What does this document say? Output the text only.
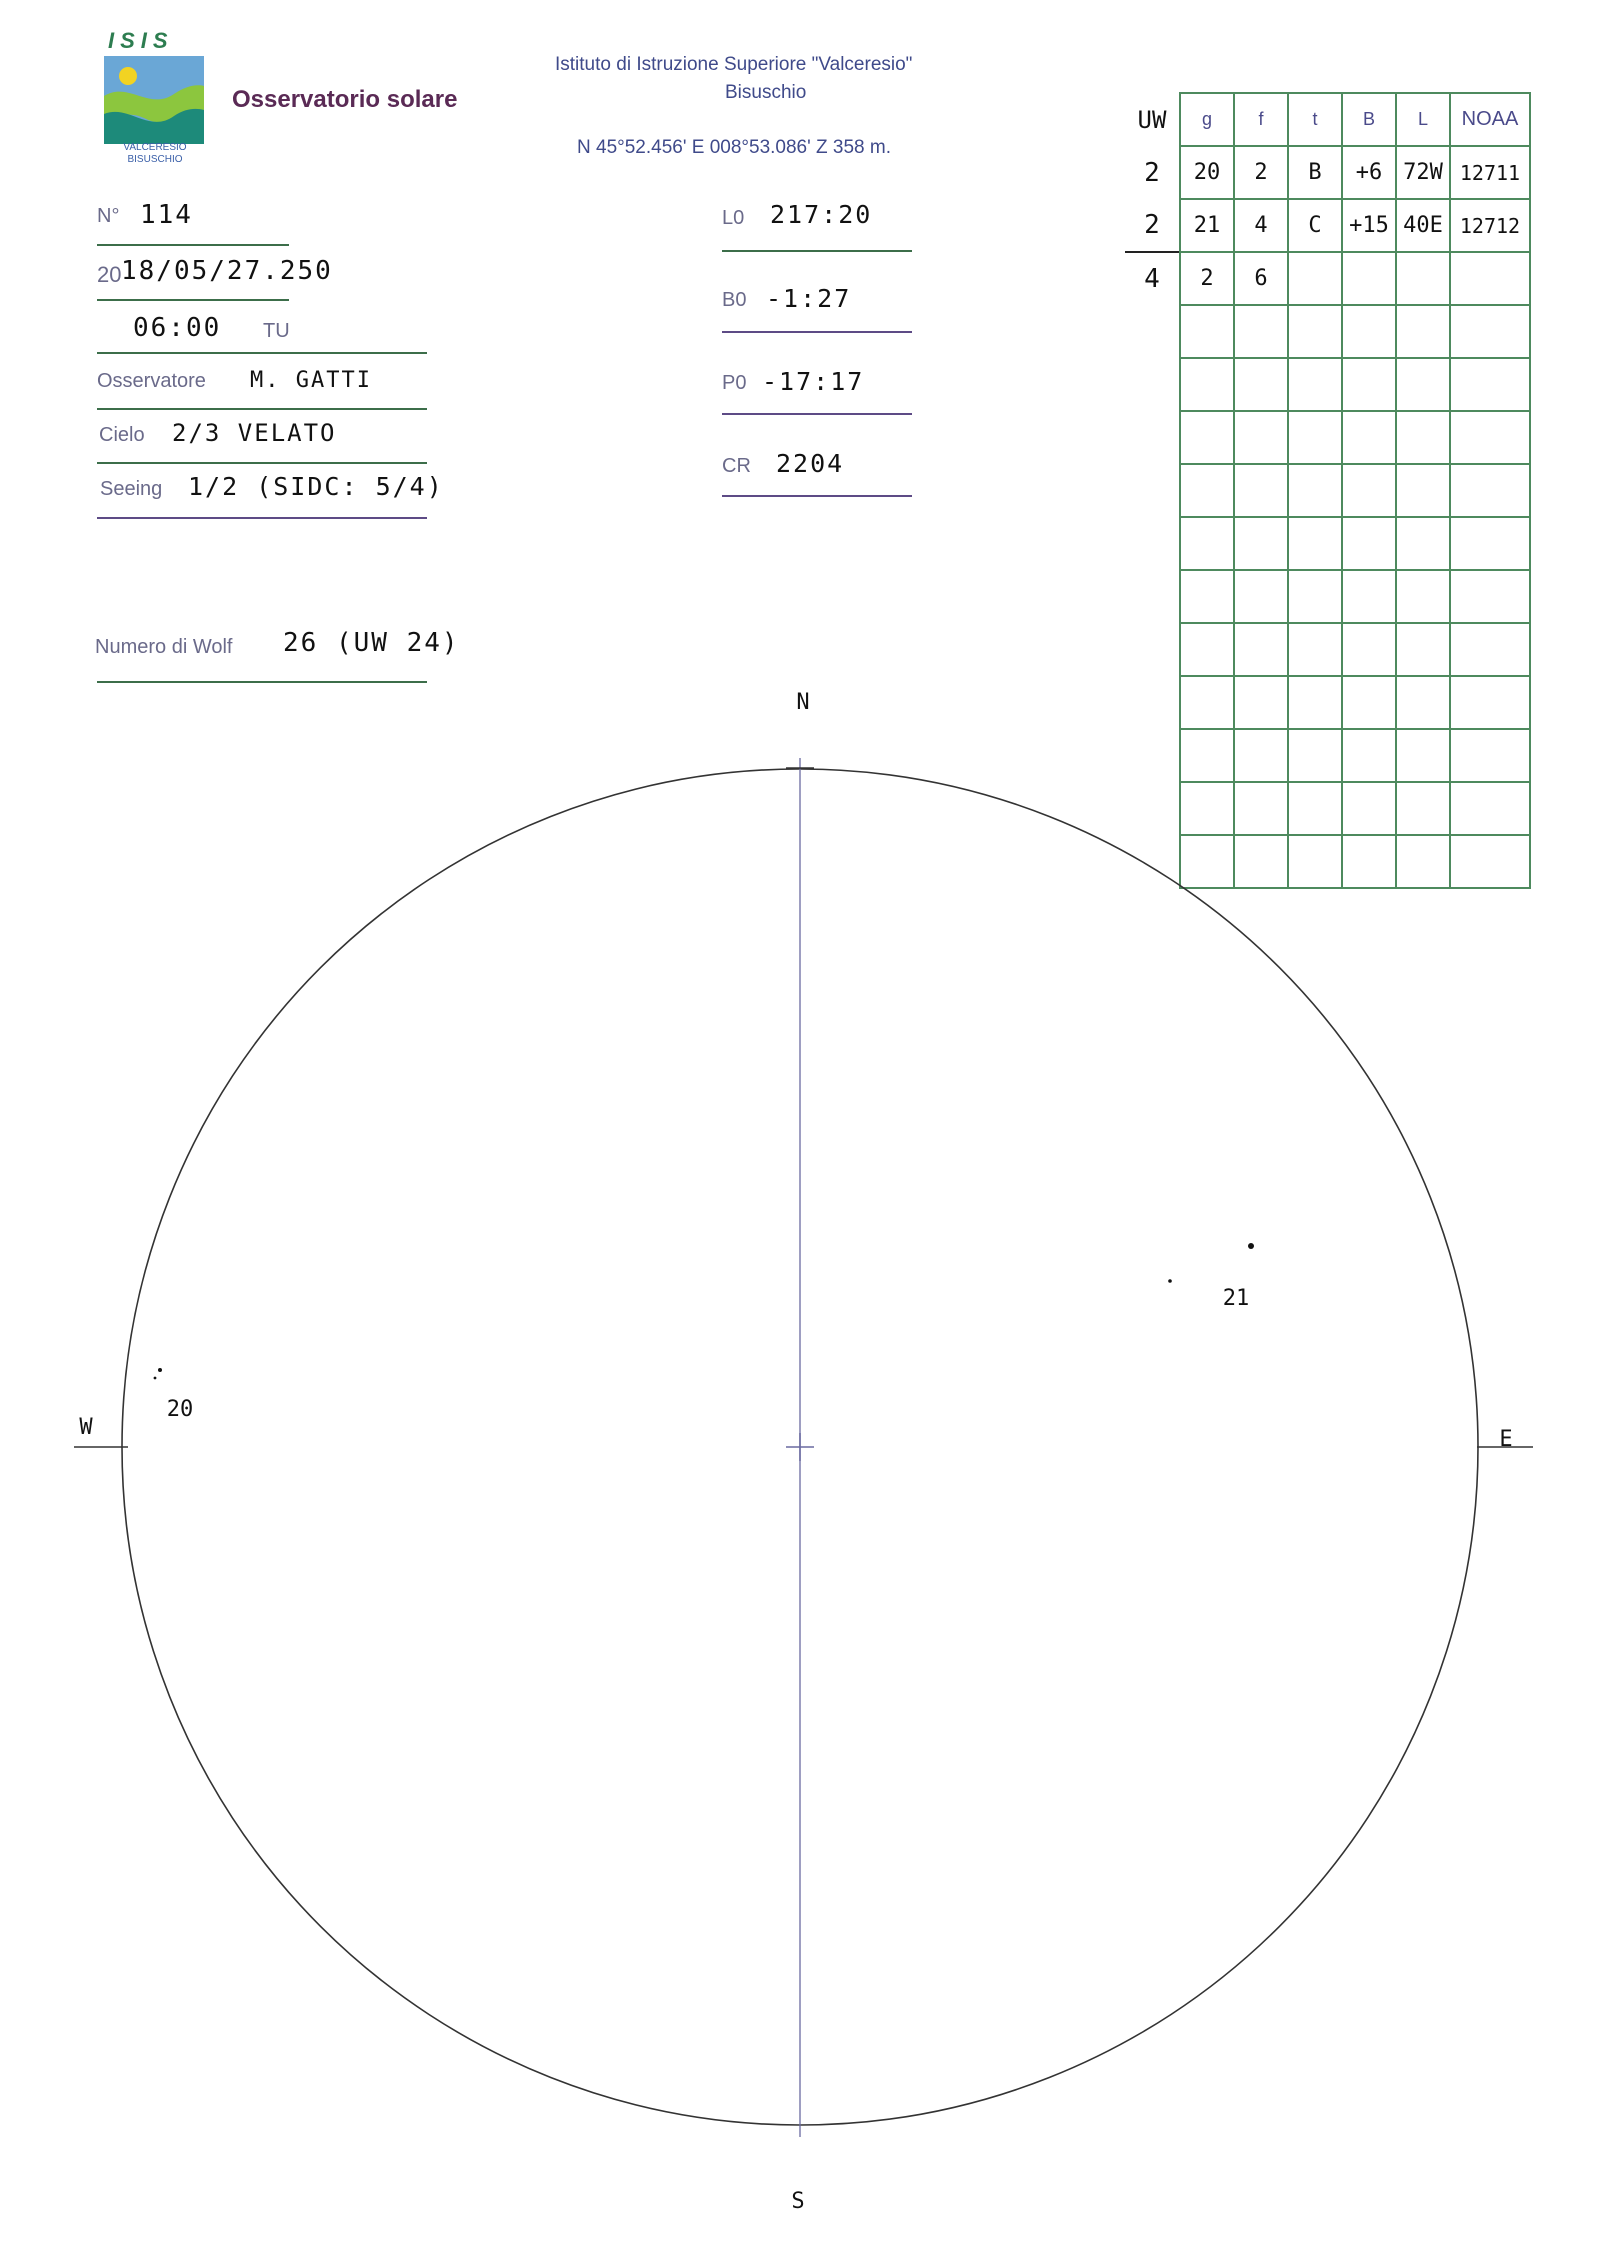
ISIS
VALCERESIO
BISUSCHIO
Osservatorio solare
Istituto di Istruzione Superiore "Valceresio"
Bisuschio
N 45°52.456' E 008°53.086' Z 358 m.
N° 114
20 18/05/27.250
06:00 TU
Osservatore M. GATTI
Cielo 2/3 VELATO
Seeing 1/2 (SIDC: 5/4)
Numero di Wolf 26 (UW 24)
L0 217:20
B0 -1:27
P0 -17:17
CR 2204
UW	g	f	t	B	L	NOAA
2	20	2	B	+6	72W	12711
2	21	4	C	+15	40E	12712
4	2	6				

N
S
W	E
20
21
